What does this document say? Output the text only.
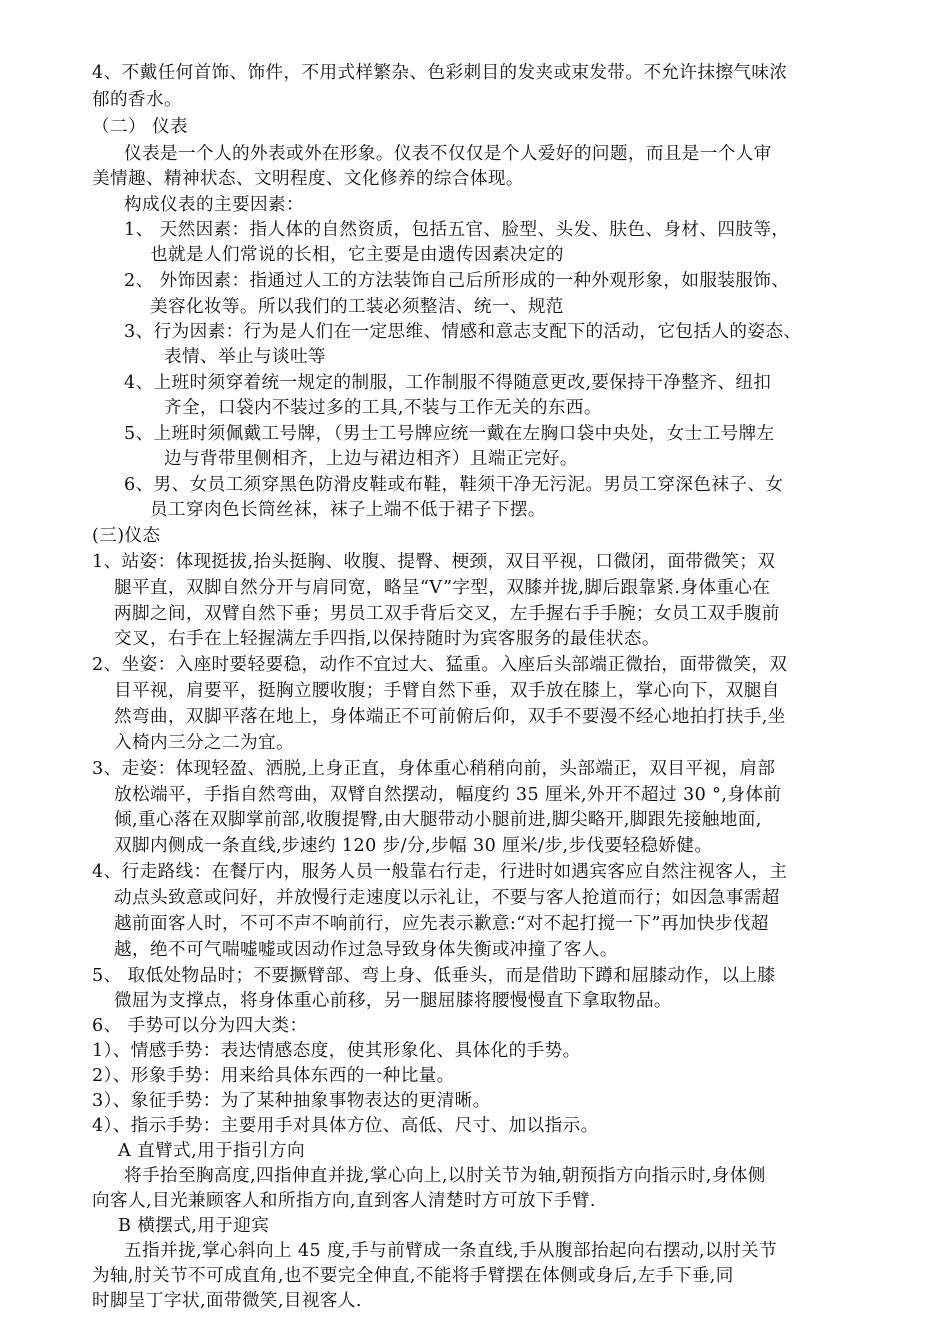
4、不戴任何首饰、饰件，不用式样繁杂、色彩刺目的发夹或束发带。不允许抹擦气味浓
郁的香水。
（二） 仪表
仪表是一个人的外表或外在形象。仪表不仅仅是个人爱好的问题，而且是一个人审
美情趣、精神状态、文明程度、文化修养的综合体现。
构成仪表的主要因素：
1、 天然因素：指人体的自然资质，包括五官、脸型、头发、肤色、身材、四肢等，
也就是人们常说的长相，它主要是由遗传因素决定的
2、 外饰因素：指通过人工的方法装饰自己后所形成的一种外观形象，如服装服饰、
美容化妆等。所以我们的工装必须整洁、统一、规范
3、行为因素：行为是人们在一定思维、情感和意志支配下的活动，它包括人的姿态、
表情、举止与谈吐等
4、上班时须穿着统一规定的制服，工作制服不得随意更改,要保持干净整齐、纽扣
齐全，口袋内不装过多的工具,不装与工作无关的东西。
5、上班时须佩戴工号牌，（男士工号牌应统一戴在左胸口袋中央处，女士工号牌左
边与背带里侧相齐，上边与裙边相齐）且端正完好。
6、男、女员工须穿黑色防滑皮鞋或布鞋，鞋须干净无污泥。男员工穿深色袜子、女
员工穿肉色长筒丝袜，袜子上端不低于裙子下摆。
(三)仪态
1、站姿：体现挺拔,抬头挺胸、收腹、提臀、梗颈，双目平视，口微闭，面带微笑；双
腿平直，双脚自然分开与肩同宽，略呈“V”字型，双膝并拢,脚后跟靠紧.身体重心在
两脚之间，双臂自然下垂；男员工双手背后交叉，左手握右手手腕；女员工双手腹前
交叉，右手在上轻握满左手四指,以保持随时为宾客服务的最佳状态。
2、坐姿：入座时要轻要稳，动作不宜过大、猛重。入座后头部端正微抬，面带微笑，双
目平视，肩要平，挺胸立腰收腹；手臂自然下垂，双手放在膝上，掌心向下，双腿自
然弯曲，双脚平落在地上，身体端正不可前俯后仰，双手不要漫不经心地拍打扶手,坐
入椅内三分之二为宜。
3、走姿：体现轻盈、洒脱,上身正直，身体重心稍稍向前，头部端正，双目平视，肩部
放松端平，手指自然弯曲，双臂自然摆动，幅度约 35 厘米,外开不超过 30 °,身体前
倾,重心落在双脚掌前部,收腹提臀,由大腿带动小腿前进,脚尖略开,脚跟先接触地面,
双脚内侧成一条直线,步速约 120 步/分,步幅 30 厘米/步,步伐要轻稳娇健。
4、行走路线：在餐厅内，服务人员一般靠右行走，行进时如遇宾客应自然注视客人，主
动点头致意或问好，并放慢行走速度以示礼让，不要与客人抢道而行；如因急事需超
越前面客人时，不可不声不响前行，应先表示歉意:“对不起打搅一下”再加快步伐超
越，绝不可气喘嘘嘘或因动作过急导致身体失衡或冲撞了客人。
5、 取低处物品时；不要撅臂部、弯上身、低垂头，而是借助下蹲和屈膝动作，以上膝
微屈为支撑点，将身体重心前移，另一腿屈膝将腰慢慢直下拿取物品。
6、 手势可以分为四大类：
1）、情感手势：表达情感态度，使其形象化、具体化的手势。
2）、形象手势：用来给具体东西的一种比量。
3）、象征手势：为了某种抽象事物表达的更清晰。
4）、指示手势：主要用手对具体方位、高低、尺寸、加以指示。
A 直臂式,用于指引方向
将手抬至胸高度,四指伸直并拢,掌心向上,以肘关节为轴,朝预指方向指示时,身体侧
向客人,目光兼顾客人和所指方向,直到客人清楚时方可放下手臂.
B 横摆式,用于迎宾
五指并拢,掌心斜向上 45 度,手与前臂成一条直线,手从腹部抬起向右摆动,以肘关节
为轴,肘关节不可成直角,也不要完全伸直,不能将手臂摆在体侧或身后,左手下垂,同
时脚呈丁字状,面带微笑,目视客人.
